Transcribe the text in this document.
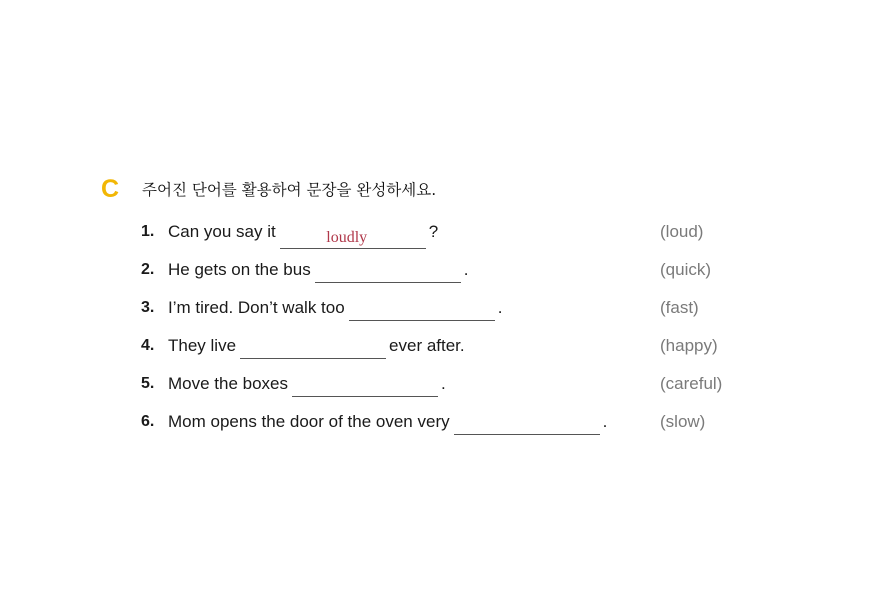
C 주어진 단어를 활용하여 문장을 완성하세요.
1. Can you say it	loudly	?	(loud)
2. He gets on the bus	.	(quick)
3. I’m tired. Don’t walk too	.	(fast)
4. They live	ever after.	(happy)
5. Move the boxes	.	(careful)
6. Mom opens the door of the oven very	.	(slow)
